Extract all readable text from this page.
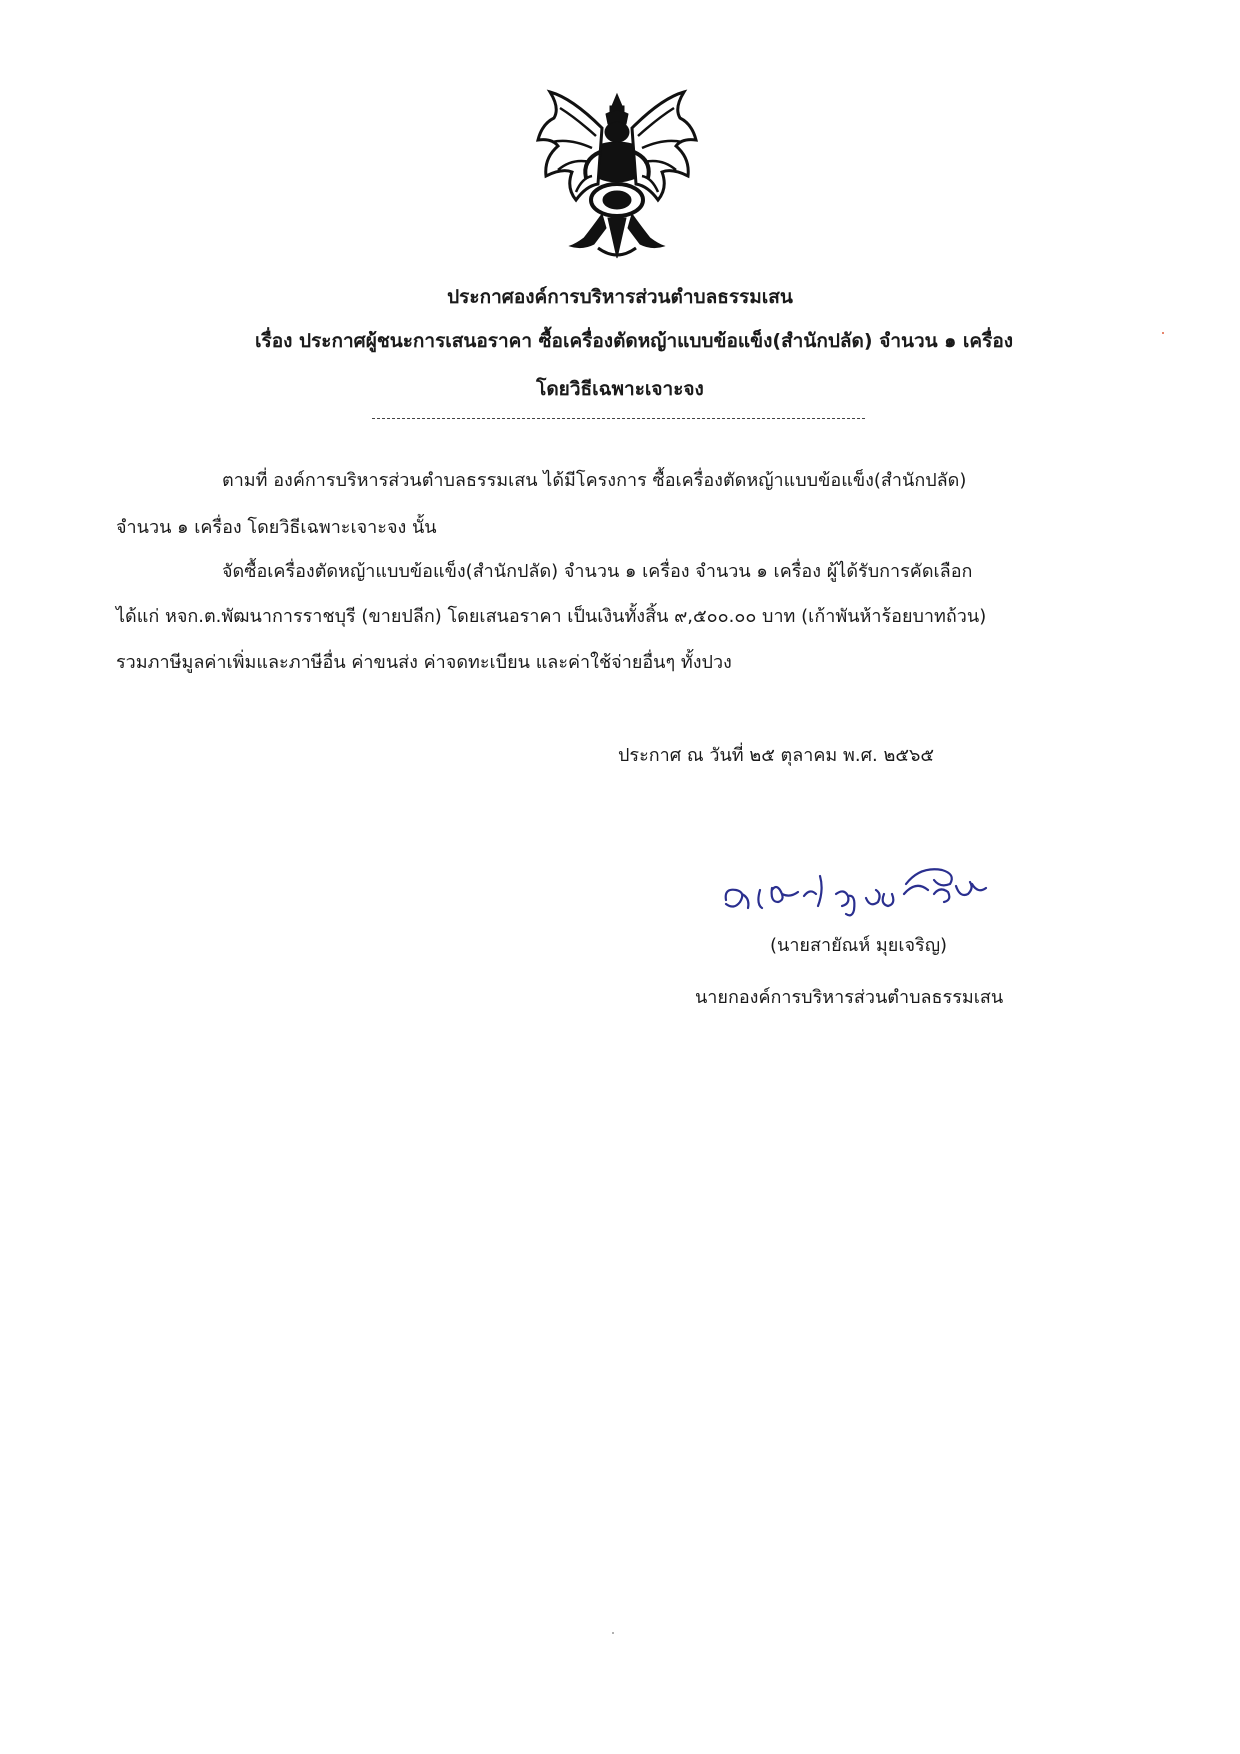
ประกาศองค์การบริหารส่วนตำบลธรรมเสน
เรื่อง ประกาศผู้ชนะการเสนอราคา ซื้อเครื่องตัดหญ้าแบบข้อแข็ง(สำนักปลัด) จำนวน ๑ เครื่อง
โดยวิธีเฉพาะเจาะจง
ตามที่ องค์การบริหารส่วนตำบลธรรมเสน ได้มีโครงการ ซื้อเครื่องตัดหญ้าแบบข้อแข็ง(สำนักปลัด)
จำนวน ๑ เครื่อง โดยวิธีเฉพาะเจาะจง นั้น
จัดซื้อเครื่องตัดหญ้าแบบข้อแข็ง(สำนักปลัด) จำนวน ๑ เครื่อง จำนวน ๑ เครื่อง ผู้ได้รับการคัดเลือก
ได้แก่ หจก.ต.พัฒนาการราชบุรี (ขายปลีก) โดยเสนอราคา เป็นเงินทั้งสิ้น ๙,๕๐๐.๐๐ บาท (เก้าพันห้าร้อยบาทถ้วน)
รวมภาษีมูลค่าเพิ่มและภาษีอื่น ค่าขนส่ง ค่าจดทะเบียน และค่าใช้จ่ายอื่นๆ ทั้งปวง
ประกาศ ณ วันที่ ๒๕ ตุลาคม พ.ศ. ๒๕๖๕
(นายสายัณห์ มุยเจริญ)
นายกองค์การบริหารส่วนตำบลธรรมเสน
